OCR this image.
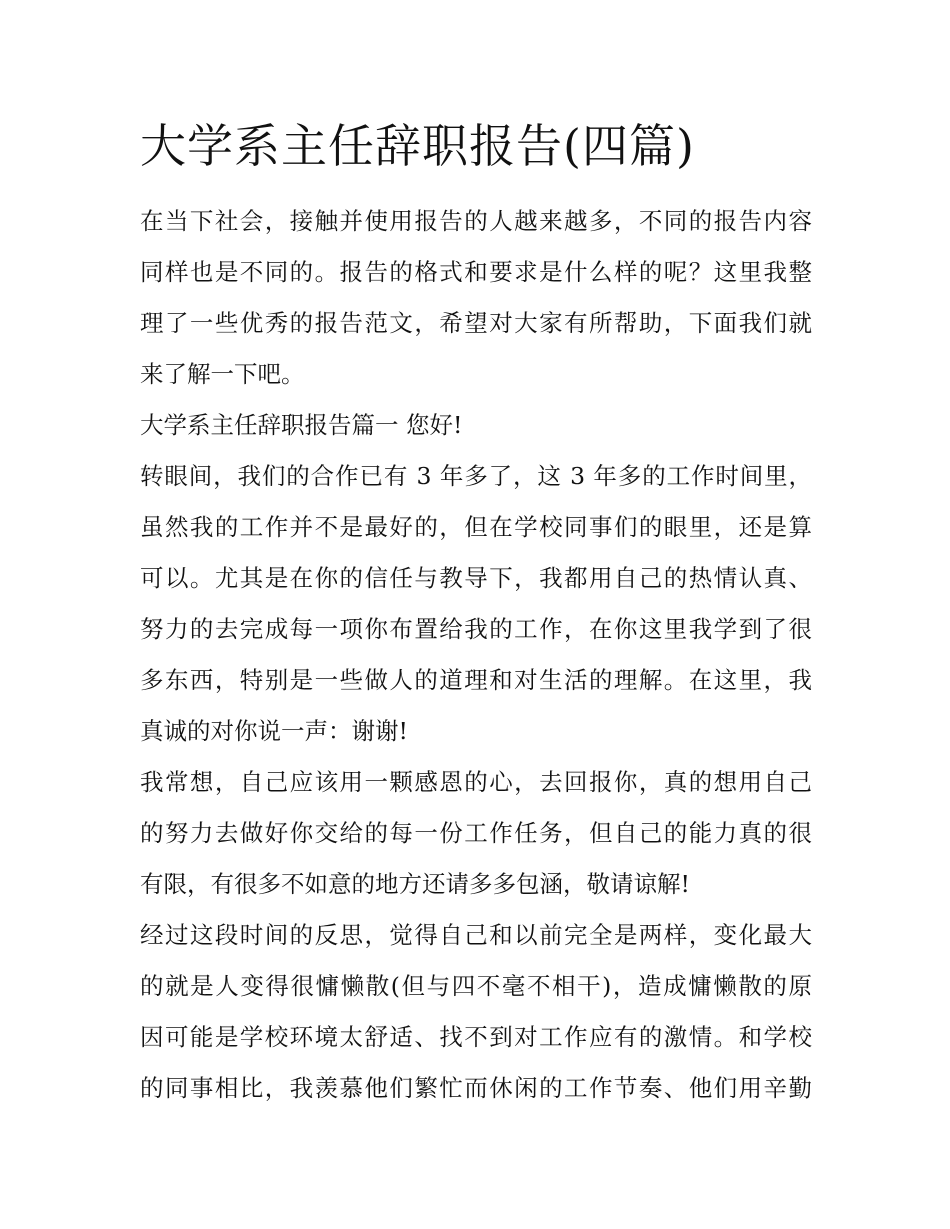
大学系主任辞职报告(四篇)
在当下社会，接触并使用报告的人越来越多，不同的报告内容
同样也是不同的。报告的格式和要求是什么样的呢？这里我整
理了一些优秀的报告范文，希望对大家有所帮助，下面我们就
来了解一下吧。
大学系主任辞职报告篇一 您好!
转眼间，我们的合作已有 3 年多了，这 3 年多的工作时间里，
虽然我的工作并不是最好的，但在学校同事们的眼里，还是算
可以。尤其是在你的信任与教导下，我都用自己的热情认真、
努力的去完成每一项你布置给我的工作，在你这里我学到了很
多东西，特别是一些做人的道理和对生活的理解。在这里，我
真诚的对你说一声：谢谢!
我常想，自己应该用一颗感恩的心，去回报你，真的想用自己
的努力去做好你交给的每一份工作任务，但自己的能力真的很
有限，有很多不如意的地方还请多多包涵，敬请谅解!
经过这段时间的反思，觉得自己和以前完全是两样，变化最大
的就是人变得很慵懒散(但与四不毫不相干)，造成慵懒散的原
因可能是学校环境太舒适、找不到对工作应有的激情。和学校
的同事相比，我羡慕他们繁忙而休闲的工作节奏、他们用辛勤
